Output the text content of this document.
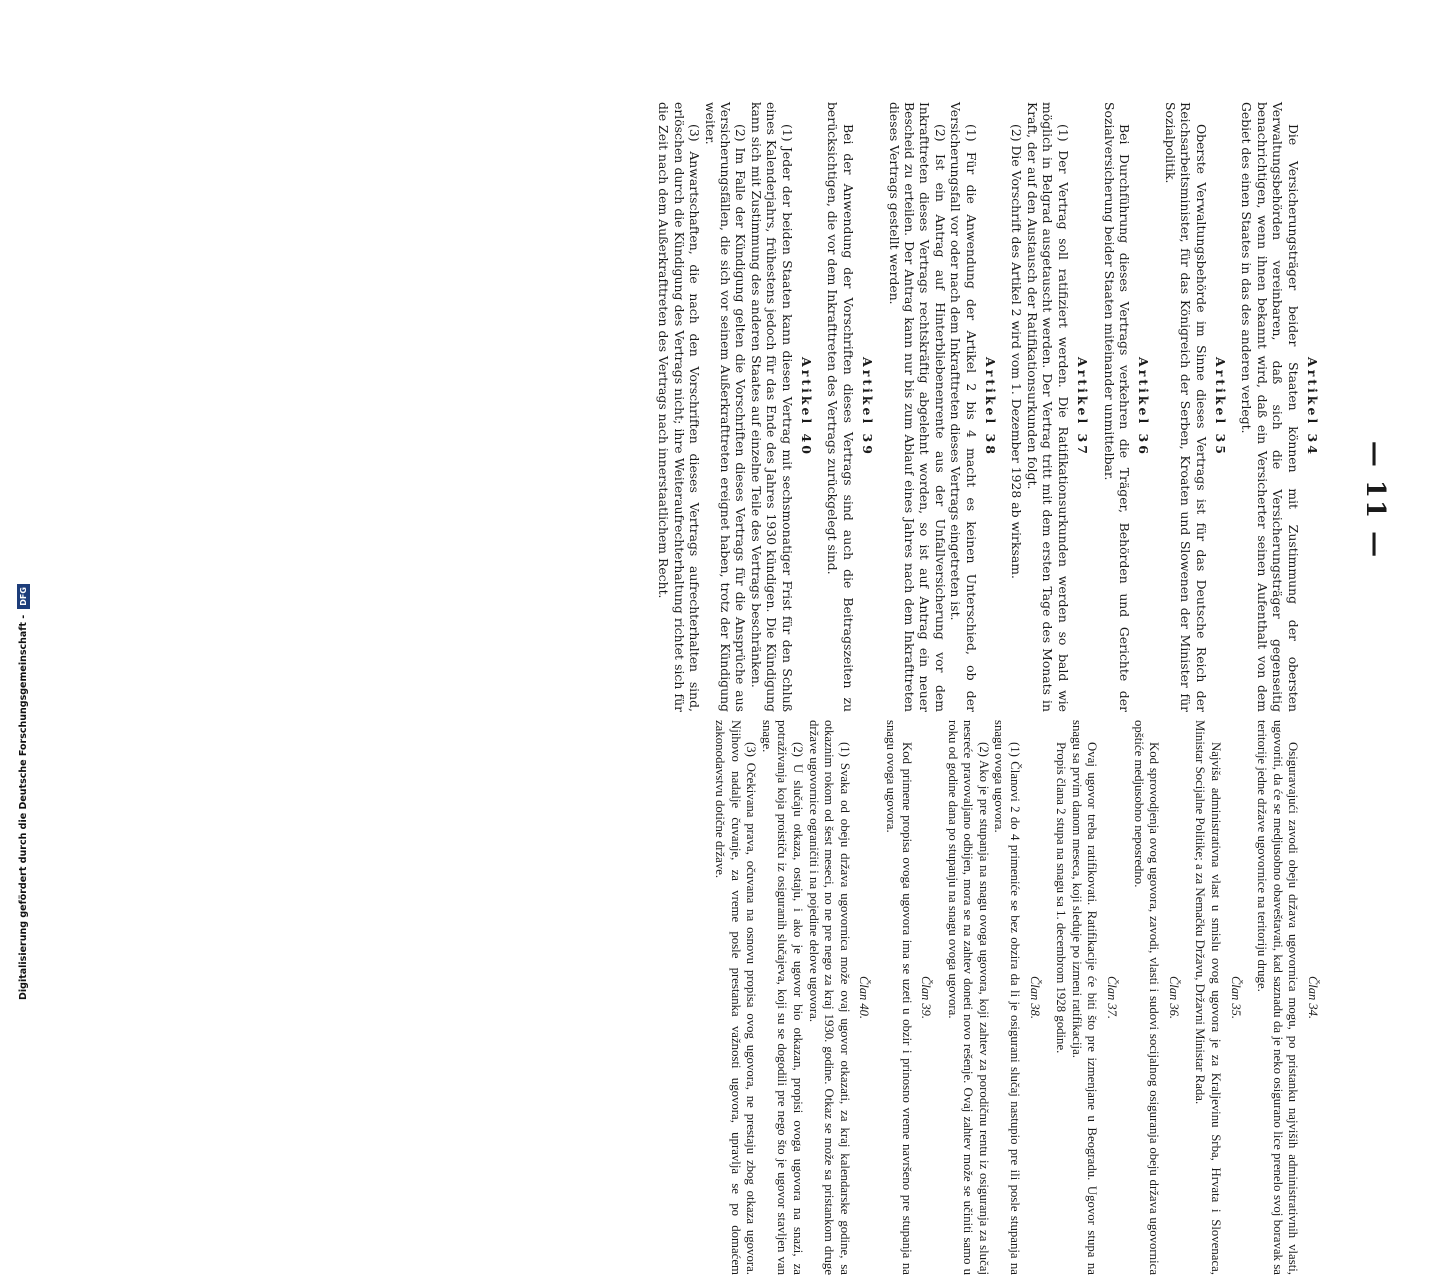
— 11 —
Artikel 34

Die Versicherungsträger beider Staaten können mit Zustimmung der obersten Verwaltungsbehörden vereinbaren, daß sich die Versicherungsträger gegenseitig benachrichtigen, wenn ihnen bekannt wird, daß ein Versicherter seinen Aufenthalt von dem Gebiet des einen Staates in das des anderen verlegt.

Artikel 35

Oberste Verwaltungsbehörde im Sinne dieses Vertrags ist für das Deutsche Reich der Reichsarbeitsminister, für das Königreich der Serben, Kroaten und Slowenen der Minister für Sozialpolitik.

Artikel 36

Bei Durchführung dieses Vertrags verkehren die Träger, Behörden und Gerichte der Sozialversicherung beider Staaten miteinander unmittelbar.

Artikel 37

(1) Der Vertrag soll ratifiziert werden. Die Ratifikationsurkunden werden so bald wie möglich in Belgrad ausgetauscht werden. Der Vertrag tritt mit dem ersten Tage des Monats in Kraft, der auf den Austausch der Ratifikationsurkunden folgt.

(2) Die Vorschrift des Artikel 2 wird vom 1. Dezember 1928 ab wirksam.

Artikel 38

(1) Für die Anwendung der Artikel 2 bis 4 macht es keinen Unterschied, ob der Versicherungsfall vor oder nach dem Inkrafttreten dieses Vertrags eingetreten ist.

(2) Ist ein Antrag auf Hinterbliebenenrente aus der Unfallversicherung vor dem Inkrafttreten dieses Vertrags rechtskräftig abgelehnt worden, so ist auf Antrag ein neuer Bescheid zu erteilen. Der Antrag kann nur bis zum Ablauf eines Jahres nach dem Inkrafttreten dieses Vertrags gestellt werden.

Artikel 39

Bei der Anwendung der Vorschriften dieses Vertrags sind auch die Beitragszeiten zu berücksichtigen, die vor dem Inkrafttreten des Vertrags zurückgelegt sind.

Artikel 40

(1) Jeder der beiden Staaten kann diesen Vertrag mit sechsmonatiger Frist für den Schluß eines Kalenderjahrs, frühestens jedoch für das Ende des Jahres 1930 kündigen. Die Kündigung kann sich mit Zustimmung des anderen Staates auf einzelne Teile des Vertrags beschränken.

(2) Im Falle der Kündigung gelten die Vorschriften dieses Vertrags für die Ansprüche aus Versicherungsfällen, die sich vor seinem Außerkrafttreten ereignet haben, trotz der Kündigung weiter.

(3) Anwartschaften, die nach den Vorschriften dieses Vertrags aufrechterhalten sind, erlöschen durch die Kündigung des Vertrags nicht; ihre Weiteraufrechterhaltung richtet sich für die Zeit nach dem Außerkrafttreten des Vertrags nach innerstaatlichem Recht.

Član 34.

Osiguravajući zavodi obeju država ugovornica mogu, po pristanku najviših administrativnih vlasti, ugovoriti, da će se medjusobno obaveštavati, kad saznadu da je neko osigurano lice prenelo svoj boravak sa teritorije jedne države ugovornice na teritoriju druge.

Član 35.

Najviša administrativna vlast u smislu ovog ugovora je za Kraljevinu Srba, Hrvata i Slovenaca, Ministar Socijalne Politike; a za Nemačku Državu, Državni Ministar Rada.

Član 36.

Kod sprovodjenja ovog ugovora, zavodi, vlasti i sudovi socijalnog osiguranja obeju država ugovornica opštiće medjusobno neposredno.

Član 37.

Ovaj ugovor treba ratifikovati. Ratifikacije će biti što pre izmenjane u Beogradu. Ugovor stupa na snagu sa prvim danom meseca, koji sleduje po izmeni ratifikacija.

Propis člana 2 stupa na snagu sa 1. decembrom 1928 godine.

Član 38.

(1) Članovi 2 do 4 primeniće se bez obzira da li je osigurani slučaj nastupio pre ili posle stupanja na snagu ovoga ugovora.

(2) Ako je pre stupanja na snagu ovoga ugovora, koji zahtev za porodičnu rentu iz osiguranja za slučaj nesreće pravovaljano odbijen, mora se na zahtev doneti novo rešenje. Ovaj zahtev može se učiniti samo u roku od godine dana po stupanju na snagu ovoga ugovora.

Član 39.

Kod primene propisa ovoga ugovora ima se uzeti u obzir i prinosno vreme navršeno pre stupanja na snagu ovoga ugovora.

Član 40.

(1) Svaka od obeju država ugovornica može ovaj ugovor otkazati, za kraj kalendarske godine, sa otkaznim rokom od šest meseci, no ne pre nego za kraj 1930. godine. Otkaz se može sa pristankom druge države ugovornice ograničiti i na pojedine delove ugovora.

(2) U slučaju otkaza, ostaju, i ako je ugovor bio otkazan, propisi ovoga ugovora na snazi, za potraživanja koja proističu iz osiguranih slučajeva, koji su se dogodili pre nego što je ugovor stavljen van snage.

(3) Očekivana prava, očuvana na osnovu propisa ovog ugovora, ne prestaju zbog otkaza ugovora. Njihovo nadalje čuvanje, za vreme posle prestanka važnosti ugovora, upravlja se po domaćem zakonodavstvu dotične države.

Digitalisierung gefördert durch die Deutsche Forschungsgemeinschaft -
DFG
